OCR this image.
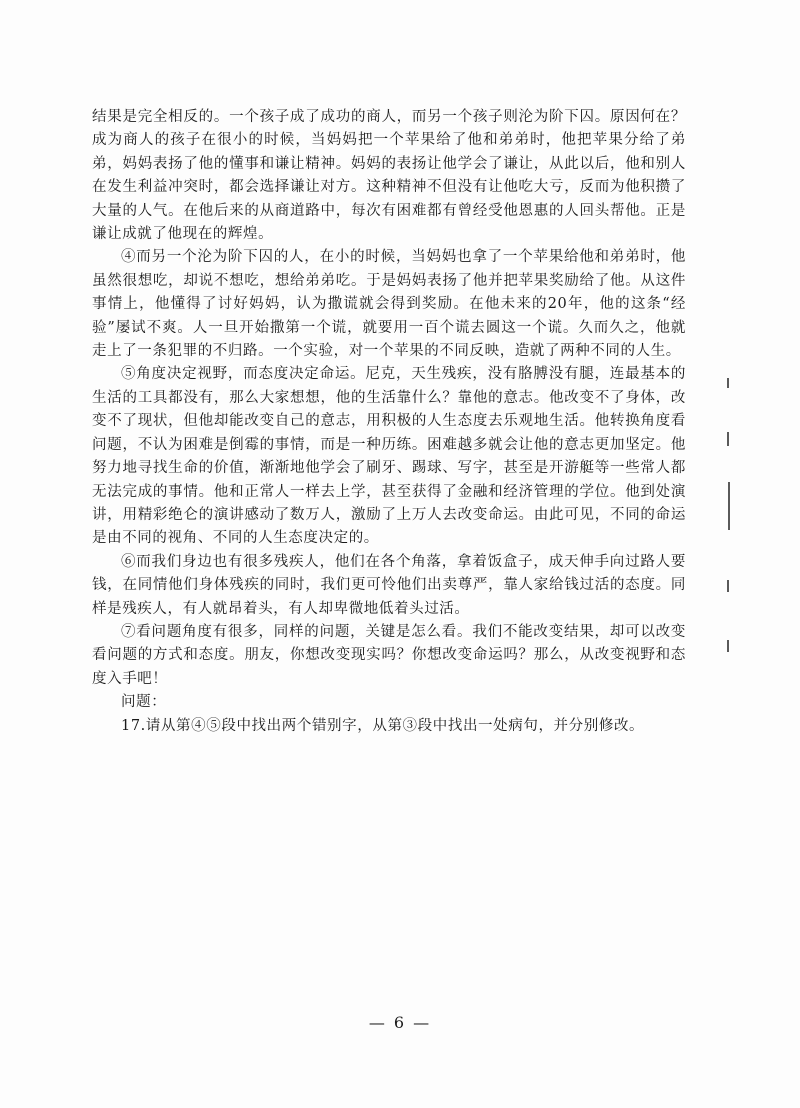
结果是完全相反的。一个孩子成了成功的商人，而另一个孩子则沦为阶下囚。原因何在？成为商人的孩子在很小的时候，当妈妈把一个苹果给了他和弟弟时，他把苹果分给了弟弟，妈妈表扬了他的懂事和谦让精神。妈妈的表扬让他学会了谦让，从此以后，他和别人在发生利益冲突时，都会选择谦让对方。这种精神不但没有让他吃大亏，反而为他积攒了大量的人气。在他后来的从商道路中，每次有困难都有曾经受他恩惠的人回头帮他。正是谦让成就了他现在的辉煌。

④而另一个沦为阶下囚的人，在小的时候，当妈妈也拿了一个苹果给他和弟弟时，他虽然很想吃，却说不想吃，想给弟弟吃。于是妈妈表扬了他并把苹果奖励给了他。从这件事情上，他懂得了讨好妈妈，认为撒谎就会得到奖励。在他未来的20年，他的这条“经验”屡试不爽。人一旦开始撒第一个谎，就要用一百个谎去圆这一个谎。久而久之，他就走上了一条犯罪的不归路。一个实验，对一个苹果的不同反映，造就了两种不同的人生。

⑤角度决定视野，而态度决定命运。尼克，天生残疾，没有胳膊没有腿，连最基本的生活的工具都没有，那么大家想想，他的生活靠什么？靠他的意志。他改变不了身体，改变不了现状，但他却能改变自己的意志，用积极的人生态度去乐观地生活。他转换角度看问题，不认为困难是倒霉的事情，而是一种历练。困难越多就会让他的意志更加坚定。他努力地寻找生命的价值，渐渐地他学会了刷牙、踢球、写字，甚至是开游艇等一些常人都无法完成的事情。他和正常人一样去上学，甚至获得了金融和经济管理的学位。他到处演讲，用精彩绝仑的演讲感动了数万人，激励了上万人去改变命运。由此可见，不同的命运是由不同的视角、不同的人生态度决定的。

⑥而我们身边也有很多残疾人，他们在各个角落，拿着饭盒子，成天伸手向过路人要钱，在同情他们身体残疾的同时，我们更可怜他们出卖尊严，靠人家给钱过活的态度。同样是残疾人，有人就昂着头，有人却卑微地低着头过活。

⑦看问题角度有很多，同样的问题，关键是怎么看。我们不能改变结果，却可以改变看问题的方式和态度。朋友，你想改变现实吗？你想改变命运吗？那么，从改变视野和态度入手吧！

问题：

17.请从第④⑤段中找出两个错别字，从第③段中找出一处病句，并分别修改。

— 6 —
